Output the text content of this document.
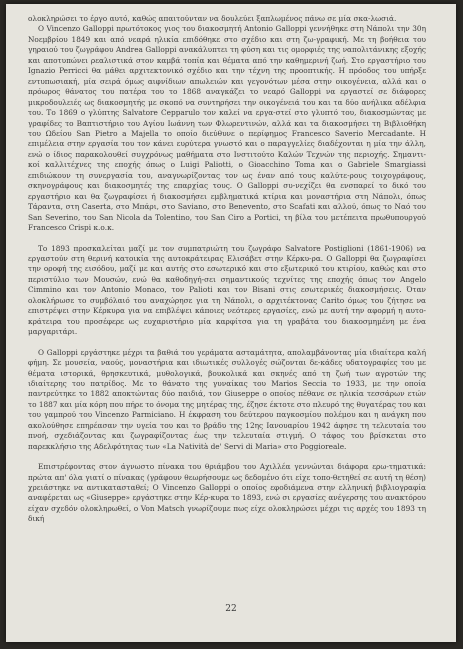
ολοκληρώσει το έργο αυτό, καθώς απαιτούνταν να δουλεύει ξαπλωμένος πάνω σε μία σκα-λωσιά.

Ο Vincenzo Galloppi πρωτότοκος γιος του διακοσμητή Antonio Galloppi γεννήθηκε στη Νάπολι την 30η Νοεμβρίου 1849 και από νεαρά ηλικία επιδόθηκε στο σχέδιο και στη ζω-γραφική. Με τη βοήθεια του γηραιού του ζωγράφου Andrea Galloppi ανακάλυπτει τη φύση και τις ομορφιές της ναπολιτάνικης εξοχής και αποτυπώνει ρεαλιστικά στον καμβά τοπία και θέματα από την καθημερινή ζωή. Στο εργαστήριο του Ignazio Perricci θα μάθει αρχιτεκτονικό σχέδιο και την τέχνη της προοπτικής. Η πρόοδος του υπήρξε εντυπωσιακή, μία σειρά όμως αιφνίδιων απωλειών και γεγονότων μέσα στην οικογένεια, αλλά και ο πρόωρος θάνατος του πατέρα του το 1868 αναγκάζει το νεαρό Galloppi να εργαστεί σε διάφορες μικροδουλειές ως διακοσμητής με σκοπό να συντηρήσει την οικογένειά του και τα δύο ανήλικα αδέλφια του. Το 1869 ο γλύπτης Salvatore Cepparulo τον καλεί να εργα-στεί στο γλυπτό του, διακοσμώντας με γραφίδες το Βαπτιστήριο του Αγίου Ιωάννη των Φλωρεντινών, αλλά και τα διακοσμήσει τη Βιβλιοθήκη του Ωδείου San Pietro a Majella το οποίο διεύθυνε ο περίφημος Francesco Saverio Mercadante. Η επιμέλεια στην εργασία του τον κάνει ευρύτερα γνωστό και ο παραγγελίες διαδέχονται η μία την άλλη, ενώ ο ίδιος παρακολουθεί συγχρόνως μαθήματα στο Ινστιτούτο Καλών Τεχνών της περιοχής. Σημαντι-κοί καλλιτέχνες της εποχής όπως ο Luigi Paliotti, ο Gioacchino Toma και ο Gabriele Smargiassi επιδιώκουν τη συνεργασία του, αναγνωρίζοντας τον ως έναν από τους καλύτε-ρους τοιχογράφους, σκηνογράφους και διακοσμητές της επαρχίας τους. Ο Galloppi συ-νεχίζει θα ενσπαρεί το δικό του εργαστήριο και θα ζωγραφίσει ή διακοσμήσει εμβληματικά κτίρια και μοναστήρια στη Νάπολι, όπως Τάραντα, στη Caserta, στο Μπάρι, στο Saviano, στο Benevento, στο Scafati και αλλού, όπως το Ναό του San Severino, του San Nicola da Tolentino, του San Ciro a Portici, τη βίλα του μετέπειτα πρωθυπουργού Francesco Crispi κ.ο.κ.

Το 1893 προσκαλείται μαζί με τον συμπατριώτη του ζωγράφο Salvatore Postiglioni (1861-1906) να εργαστούν στη θερινή κατοικία της αυτοκράτειρας Ελισάβετ στην Κέρκυ-ρα. Ο Galloppi θα ζωγραφίσει την οροφή της εισόδου, μαζί με και αυτής στο εσωτερικό και στο εξωτερικό του κτιρίου, καθώς και στο περιστύλιο των Μουσών, ενώ θα καθοδηγή-σει σημαντικούς τεχνίτες της εποχής όπως τον Angelo Cimmino και τον Antonio Monaco, τον Palioti και τον Bisani στις εσωτερικές διακοσμήσεις. Όταν ολοκλήρωσε το συμβόλαιό του αναχώρησε για τη Νάπολι, ο αρχιτέκτονας Carito όμως του ζήτησε να επιστρέψει στην Κέρκυρα για να επιβλέψει κάποιες νεότερες εργασίες, ενώ με αυτή την αφορμή η αυτο-κράτειρα του προσέφερε ως ευχαριστήριο μία καρφίτσα για τη γραβάτα του διακοσμημένη με ένα μαργαριτάρι.

Ο Galloppi εργάστηκε μέχρι τα βαθιά του γεράματα ασταμάτητα, απολαμβάνοντας μία ιδιαίτερα καλή φήμη. Σε μουσεία, ναούς, μοναστήρια και ιδιωτικές συλλογές σώζονται δε-κάδες υδατογραφίες του με θέματα ιστορικά, θρησκευτικά, μυθολογικά, βουκολικά και σκηνές από τη ζωή των αγροτών της ιδιαίτερης του πατρίδος. Με το θάνατο της γυναίκας του Marios Seccia το 1933, με την οποία παντρεύτηκε το 1882 αποκτώντας δύο παιδιά, τον Giuseppe ο οποίος πέθανε σε ηλικία τεσσάρων ετών το 1887 και μία κόρη που πήρε το όνομα της μητέρας της, έζησε έκτοτε στο πλευρό της θυγατέρας του και του γαμπρού του Vincenzo Parmiciano. Η έκφραση του δεύτερου παγκοσμίου πολέμου και η ανάγκη που ακολούθησε επηρέασαν την υγεία του και το βράδυ της 12ης Ιανουαρίου 1942 άφησε τη τελευταία του πνοή, σχεδιάζοντας και ζωγραφίζοντας έως την τελευταία στιγμή. Ο τάφος του βρίσκεται στο παρεκκλήσιο της Αδελφότητας των «La Natività de' Servi di Maria» στο Poggioreale.

Επιστρέφοντας στον άγνωστο πίνακα του θριάμβου του Αχιλλέα γεννώνται διάφορα ερω-τηματικά: πρώτα απ' όλα γιατί ο πίνακας (γράφουν θεωρήσουμε ως δεδομένο ότι είχε τοπο-θετηθεί σε αυτή τη θέση) χρειάστηκε να αντικατασταθεί; Ο Vincenzo Galloppi ο οποίος εφοδιάμενα στην ελληνική βιβλιογραφία αναφέρεται ως «Giuseppe» εργάστηκε στην Κέρ-κυρα το 1893, ενώ σι εργασίες ανέγερσης του ανακτόρου είχαν σχεδόν ολοκληρωθεί, ο Von Matsch γνωρίζουμε πως είχε ολοκληρώσει μέχρι τις αρχές του 1893 τη δική

22
